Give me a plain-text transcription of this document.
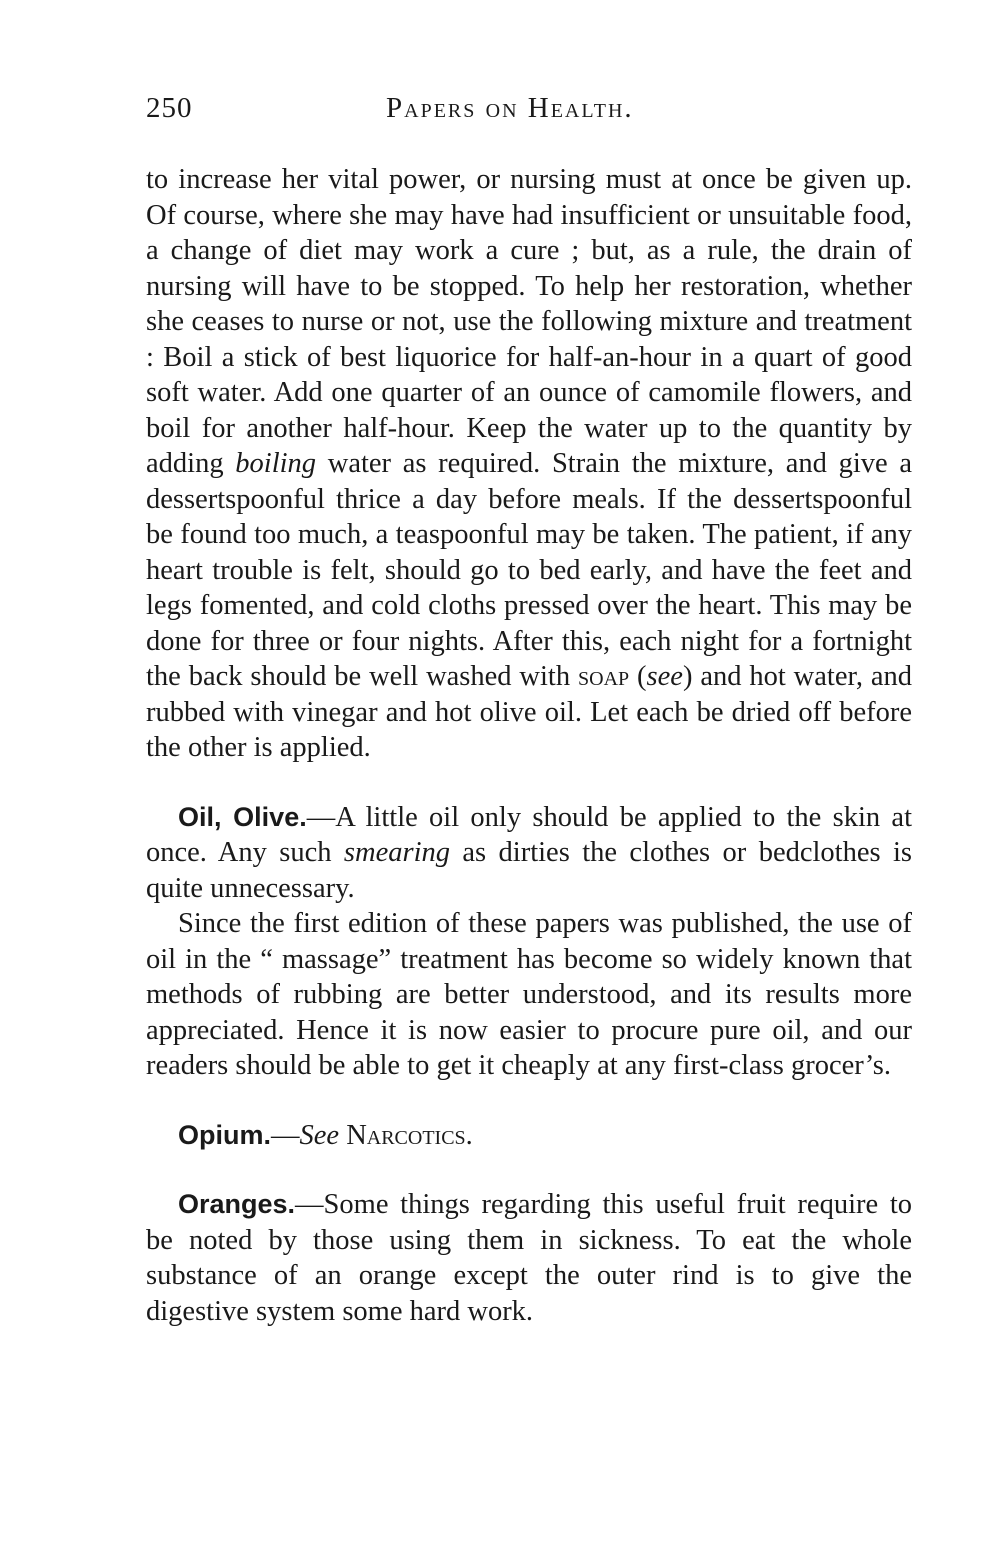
250	Papers on Health.

to increase her vital power, or nursing must at once be given up. Of course, where she may have had insufficient or unsuitable food, a change of diet may work a cure ; but, as a rule, the drain of nursing will have to be stopped. To help her restoration, whether she ceases to nurse or not, use the following mixture and treatment : Boil a stick of best liquorice for half-an-hour in a quart of good soft water. Add one quarter of an ounce of camomile flowers, and boil for another half-hour. Keep the water up to the quantity by adding boiling water as required. Strain the mixture, and give a dessertspoonful thrice a day before meals. If the dessertspoonful be found too much, a teaspoonful may be taken. The patient, if any heart trouble is felt, should go to bed early, and have the feet and legs fomented, and cold cloths pressed over the heart. This may be done for three or four nights. After this, each night for a fortnight the back should be well washed with soap (see) and hot water, and rubbed with vinegar and hot olive oil. Let each be dried off before the other is applied.

Oil, Olive.—A little oil only should be applied to the skin at once. Any such smearing as dirties the clothes or bedclothes is quite unnecessary.

Since the first edition of these papers was published, the use of oil in the “ massage” treatment has become so widely known that methods of rubbing are better understood, and its results more appreciated. Hence it is now easier to procure pure oil, and our readers should be able to get it cheaply at any first-class grocer’s.

Opium.—See Narcotics.

Oranges.—Some things regarding this useful fruit require to be noted by those using them in sickness. To eat the whole substance of an orange except the outer rind is to give the digestive system some hard work.
